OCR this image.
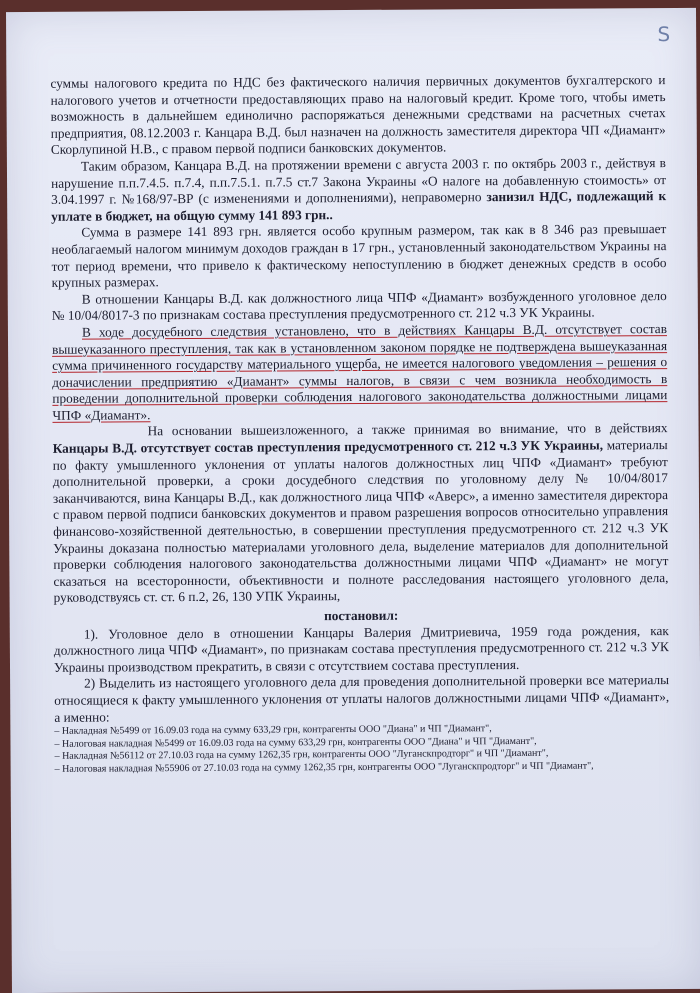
S

суммы налогового кредита по НДС без фактического наличия первичных документов бухгалтерского и налогового учетов и отчетности предоставляющих право на налоговый кредит. Кроме того, чтобы иметь возможность в дальнейшем единолично распоряжаться денежными средствами на расчетных счетах предприятия, 08.12.2003 г. Канцара В.Д. был назначен на должность заместителя директора ЧП «Диамант» Скорлупиной Н.В., с правом первой подписи банковских документов.

Таким образом, Канцара В.Д. на протяжении времени с августа 2003 г. по октябрь 2003 г., действуя в нарушение п.п.7.4.5. п.7.4, п.п.7.5.1. п.7.5 ст.7 Закона Украины «О налоге на добавленную стоимость» от 3.04.1997 г. №168/97-ВР (с изменениями и дополнениями), неправомерно занизил НДС, подлежащий к уплате в бюджет, на общую сумму 141 893 грн..

Сумма в размере 141 893 грн. является особо крупным размером, так как в 8 346 раз превышает необлагаемый налогом минимум доходов граждан в 17 грн., установленный законодательством Украины на тот период времени, что привело к фактическому непоступлению в бюджет денежных средств в особо крупных размерах.

В отношении Канцары В.Д. как должностного лица ЧПФ «Диамант» возбужденного уголовное дело № 10/04/8017-3 по признакам состава преступления предусмотренного ст. 212 ч.3 УК Украины.

В ходе досудебного следствия установлено, что в действиях Канцары В.Д. отсутствует состав вышеуказанного преступления, так как в установленном законом порядке не подтверждена вышеуказанная сумма причиненного государству материального ущерба, не имеется налогового уведомления – решения о доначислении предприятию «Диамант» суммы налогов, в связи с чем возникла необходимость в проведении дополнительной проверки соблюдения налогового законодательства должностными лицами ЧПФ «Диамант».

На основании вышеизложенного, а также принимая во внимание, что в действиях Канцары В.Д. отсутствует состав преступления предусмотренного ст. 212 ч.3 УК Украины, материалы по факту умышленного уклонения от уплаты налогов должностных лиц ЧПФ «Диамант» требуют дополнительной проверки, а сроки досудебного следствия по уголовному делу № 10/04/8017 заканчиваются, вина Канцары В.Д., как должностного лица ЧПФ «Аверс», а именно заместителя директора с правом первой подписи банковских документов и правом разрешения вопросов относительно управления финансово-хозяйственной деятельностью, в совершении преступления предусмотренного ст. 212 ч.3 УК Украины доказана полностью материалами уголовного дела, выделение материалов для дополнительной проверки соблюдения налогового законодательства должностными лицами ЧПФ «Диамант» не могут сказаться на всесторонности, объективности и полноте расследования настоящего уголовного дела, руководствуясь ст. ст. 6 п.2, 26, 130 УПК Украины,

постановил:

1). Уголовное дело в отношении Канцары Валерия Дмитриевича, 1959 года рождения, как должностного лица ЧПФ «Диамант», по признакам состава преступления предусмотренного ст. 212 ч.3 УК Украины производством прекратить, в связи с отсутствием состава преступления.

2) Выделить из настоящего уголовного дела для проведения дополнительной проверки все материалы относящиеся к факту умышленного уклонения от уплаты налогов должностными лицами ЧПФ «Диамант», а именно:

– Накладная №5499 от 16.09.03 года на сумму 633,29 грн, контрагенты ООО "Диана" и ЧП "Диамант",

– Налоговая накладная №5499 от 16.09.03 года на сумму 633,29 грн, контрагенты ООО "Диана" и ЧП "Диамант",

– Накладная №56112 от 27.10.03 года на сумму 1262,35 грн, контрагенты ООО "Луганскпродторг" и ЧП "Диамант",

– Налоговая накладная №55906 от 27.10.03 года на сумму 1262,35 грн, контрагенты ООО "Луганскпродторг" и ЧП "Диамант",
